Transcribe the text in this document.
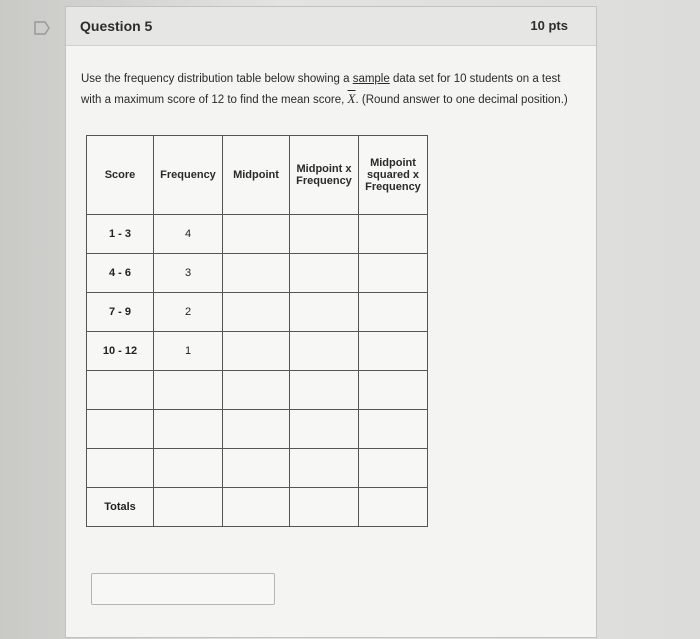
Question 5	10 pts
Use the frequency distribution table below showing a sample data set for 10 students on a test with a maximum score of 12 to find the mean score, $\overline{X}$. (Round answer to one decimal position.)
Score	Frequency	Midpoint	Midpoint x Frequency	Midpoint squared x Frequency
1 - 3	4			
4 - 6	3			
7 - 9	2			
10 - 12	1			

Totals				
